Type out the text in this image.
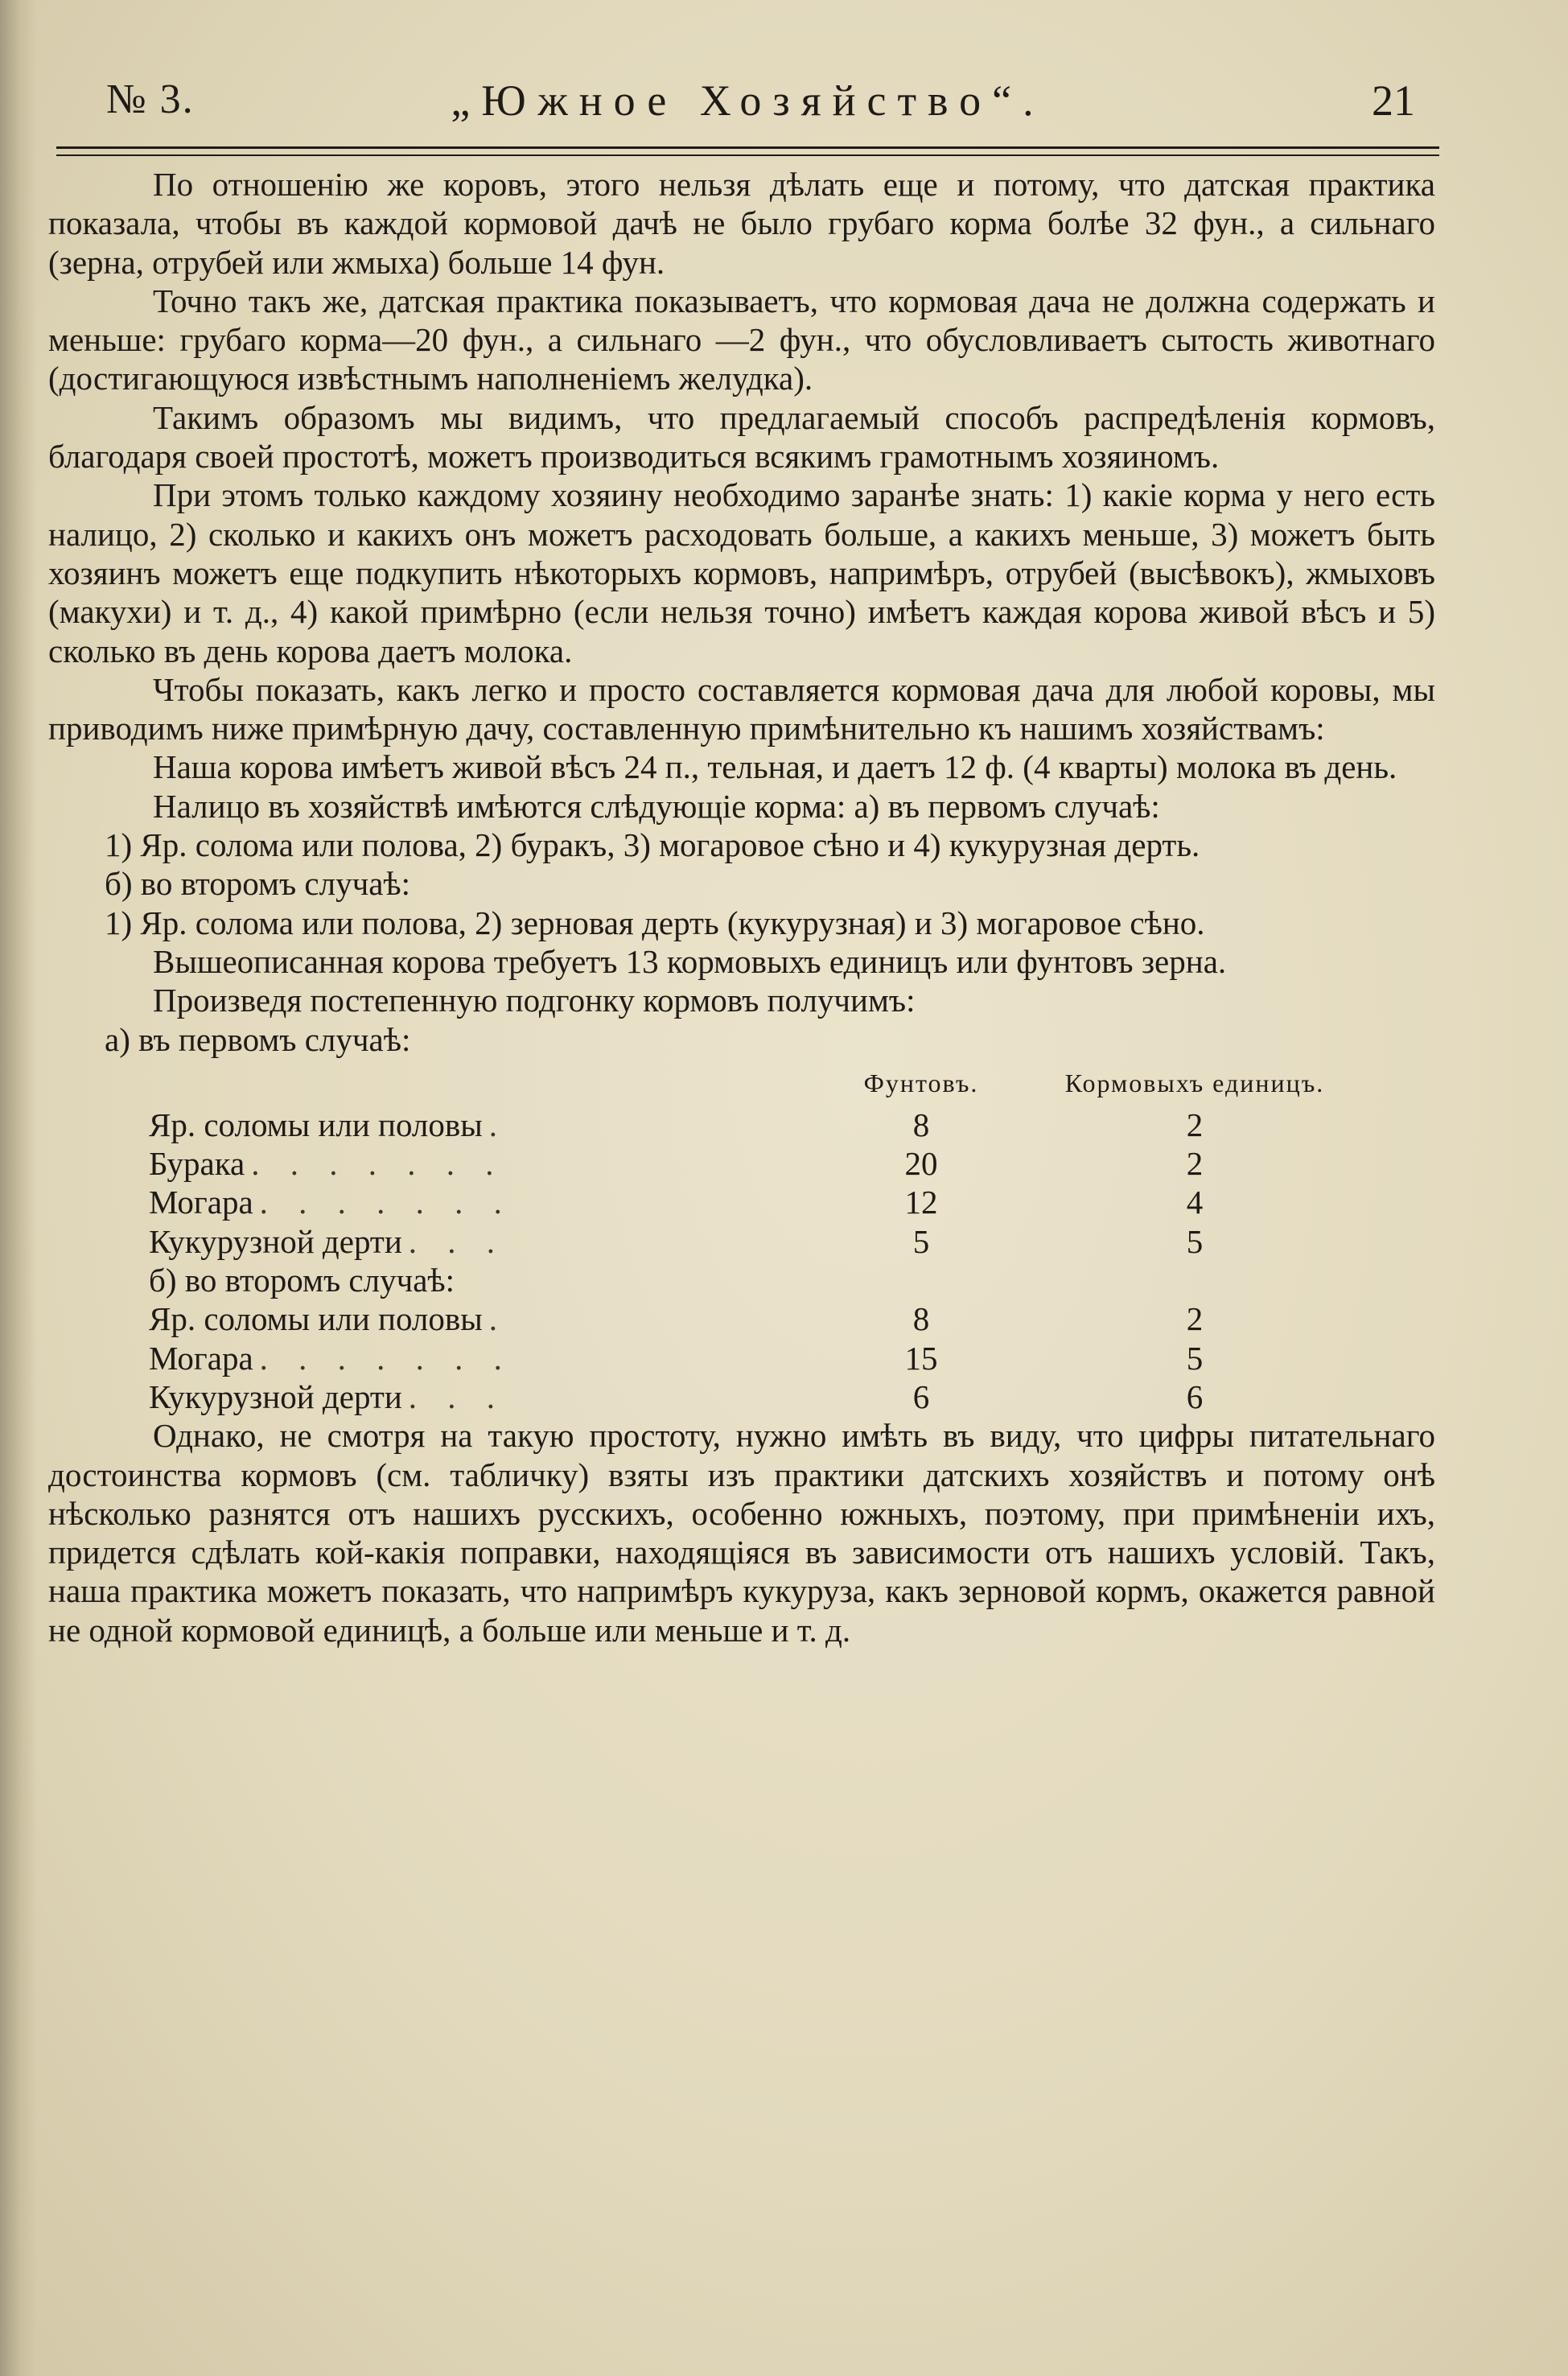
№ 3.	„Южное Хозяйство“.	21

По отношенію же коровъ, этого нельзя дѣлать еще и потому, что датская практика показала, чтобы въ каждой кормовой дачѣ не было грубаго корма болѣе 32 фун., а сильнаго (зерна, отрубей или жмыха) больше 14 фун.

Точно такъ же, датская практика показываетъ, что кормовая дача не должна содержать и меньше: грубаго корма—20 фун., а сильнаго —2 фун., что обусловливаетъ сытость животнаго (достигающуюся извѣстнымъ наполненіемъ желудка).

Такимъ образомъ мы видимъ, что предлагаемый способъ распредѣленія кормовъ, благодаря своей простотѣ, можетъ производиться всякимъ грамотнымъ хозяиномъ.

При этомъ только каждому хозяину необходимо заранѣе знать: 1) какіе корма у него есть налицо, 2) сколько и какихъ онъ можетъ расходовать больше, а какихъ меньше, 3) можетъ быть хозяинъ можетъ еще подкупить нѣкоторыхъ кормовъ, напримѣръ, отрубей (высѣвокъ), жмыховъ (макухи) и т. д., 4) какой примѣрно (если нельзя точно) имѣетъ каждая корова живой вѣсъ и 5) сколько въ день корова даетъ молока.

Чтобы показать, какъ легко и просто составляется кормовая дача для любой коровы, мы приводимъ ниже примѣрную дачу, составленную примѣнительно къ нашимъ хозяйствамъ:

Наша корова имѣетъ живой вѣсъ 24 п., тельная, и даетъ 12 ф. (4 кварты) молока въ день.

Налицо въ хозяйствѣ имѣются слѣдующіе корма: а) въ первомъ случаѣ:

1) Яр. солома или полова, 2) буракъ, 3) могаровое сѣно и 4) кукурузная дерть.

б) во второмъ случаѣ:

1) Яр. солома или полова, 2) зерновая дерть (кукурузная) и 3) могаровое сѣно.

Вышеописанная корова требуетъ 13 кормовыхъ единицъ или фунтовъ зерна.

Произведя постепенную подгонку кормовъ получимъ:

а) въ первомъ случаѣ:

	Фунтовъ.	Кормовыхъ единицъ.
Яр. соломы или половы .	8	2
Бурака . . . . . . .	20	2
Могара . . . . . . .	12	4
Кукурузной дерти . . .	5	5
б) во второмъ случаѣ:		
Яр. соломы или половы .	8	2
Могара . . . . . . .	15	5
Кукурузной дерти . . .	6	6

Однако, не смотря на такую простоту, нужно имѣть въ виду, что цифры питательнаго достоинства кормовъ (см. табличку) взяты изъ практики датскихъ хозяйствъ и потому онѣ нѣсколько разнятся отъ нашихъ русскихъ, особенно южныхъ, поэтому, при примѣненіи ихъ, придется сдѣлать кой-какія поправки, находящіяся въ зависимости отъ нашихъ условій. Такъ, наша практика можетъ показать, что напримѣръ кукуруза, какъ зерновой кормъ, окажется равной не одной кормовой единицѣ, а больше или меньше и т. д.
